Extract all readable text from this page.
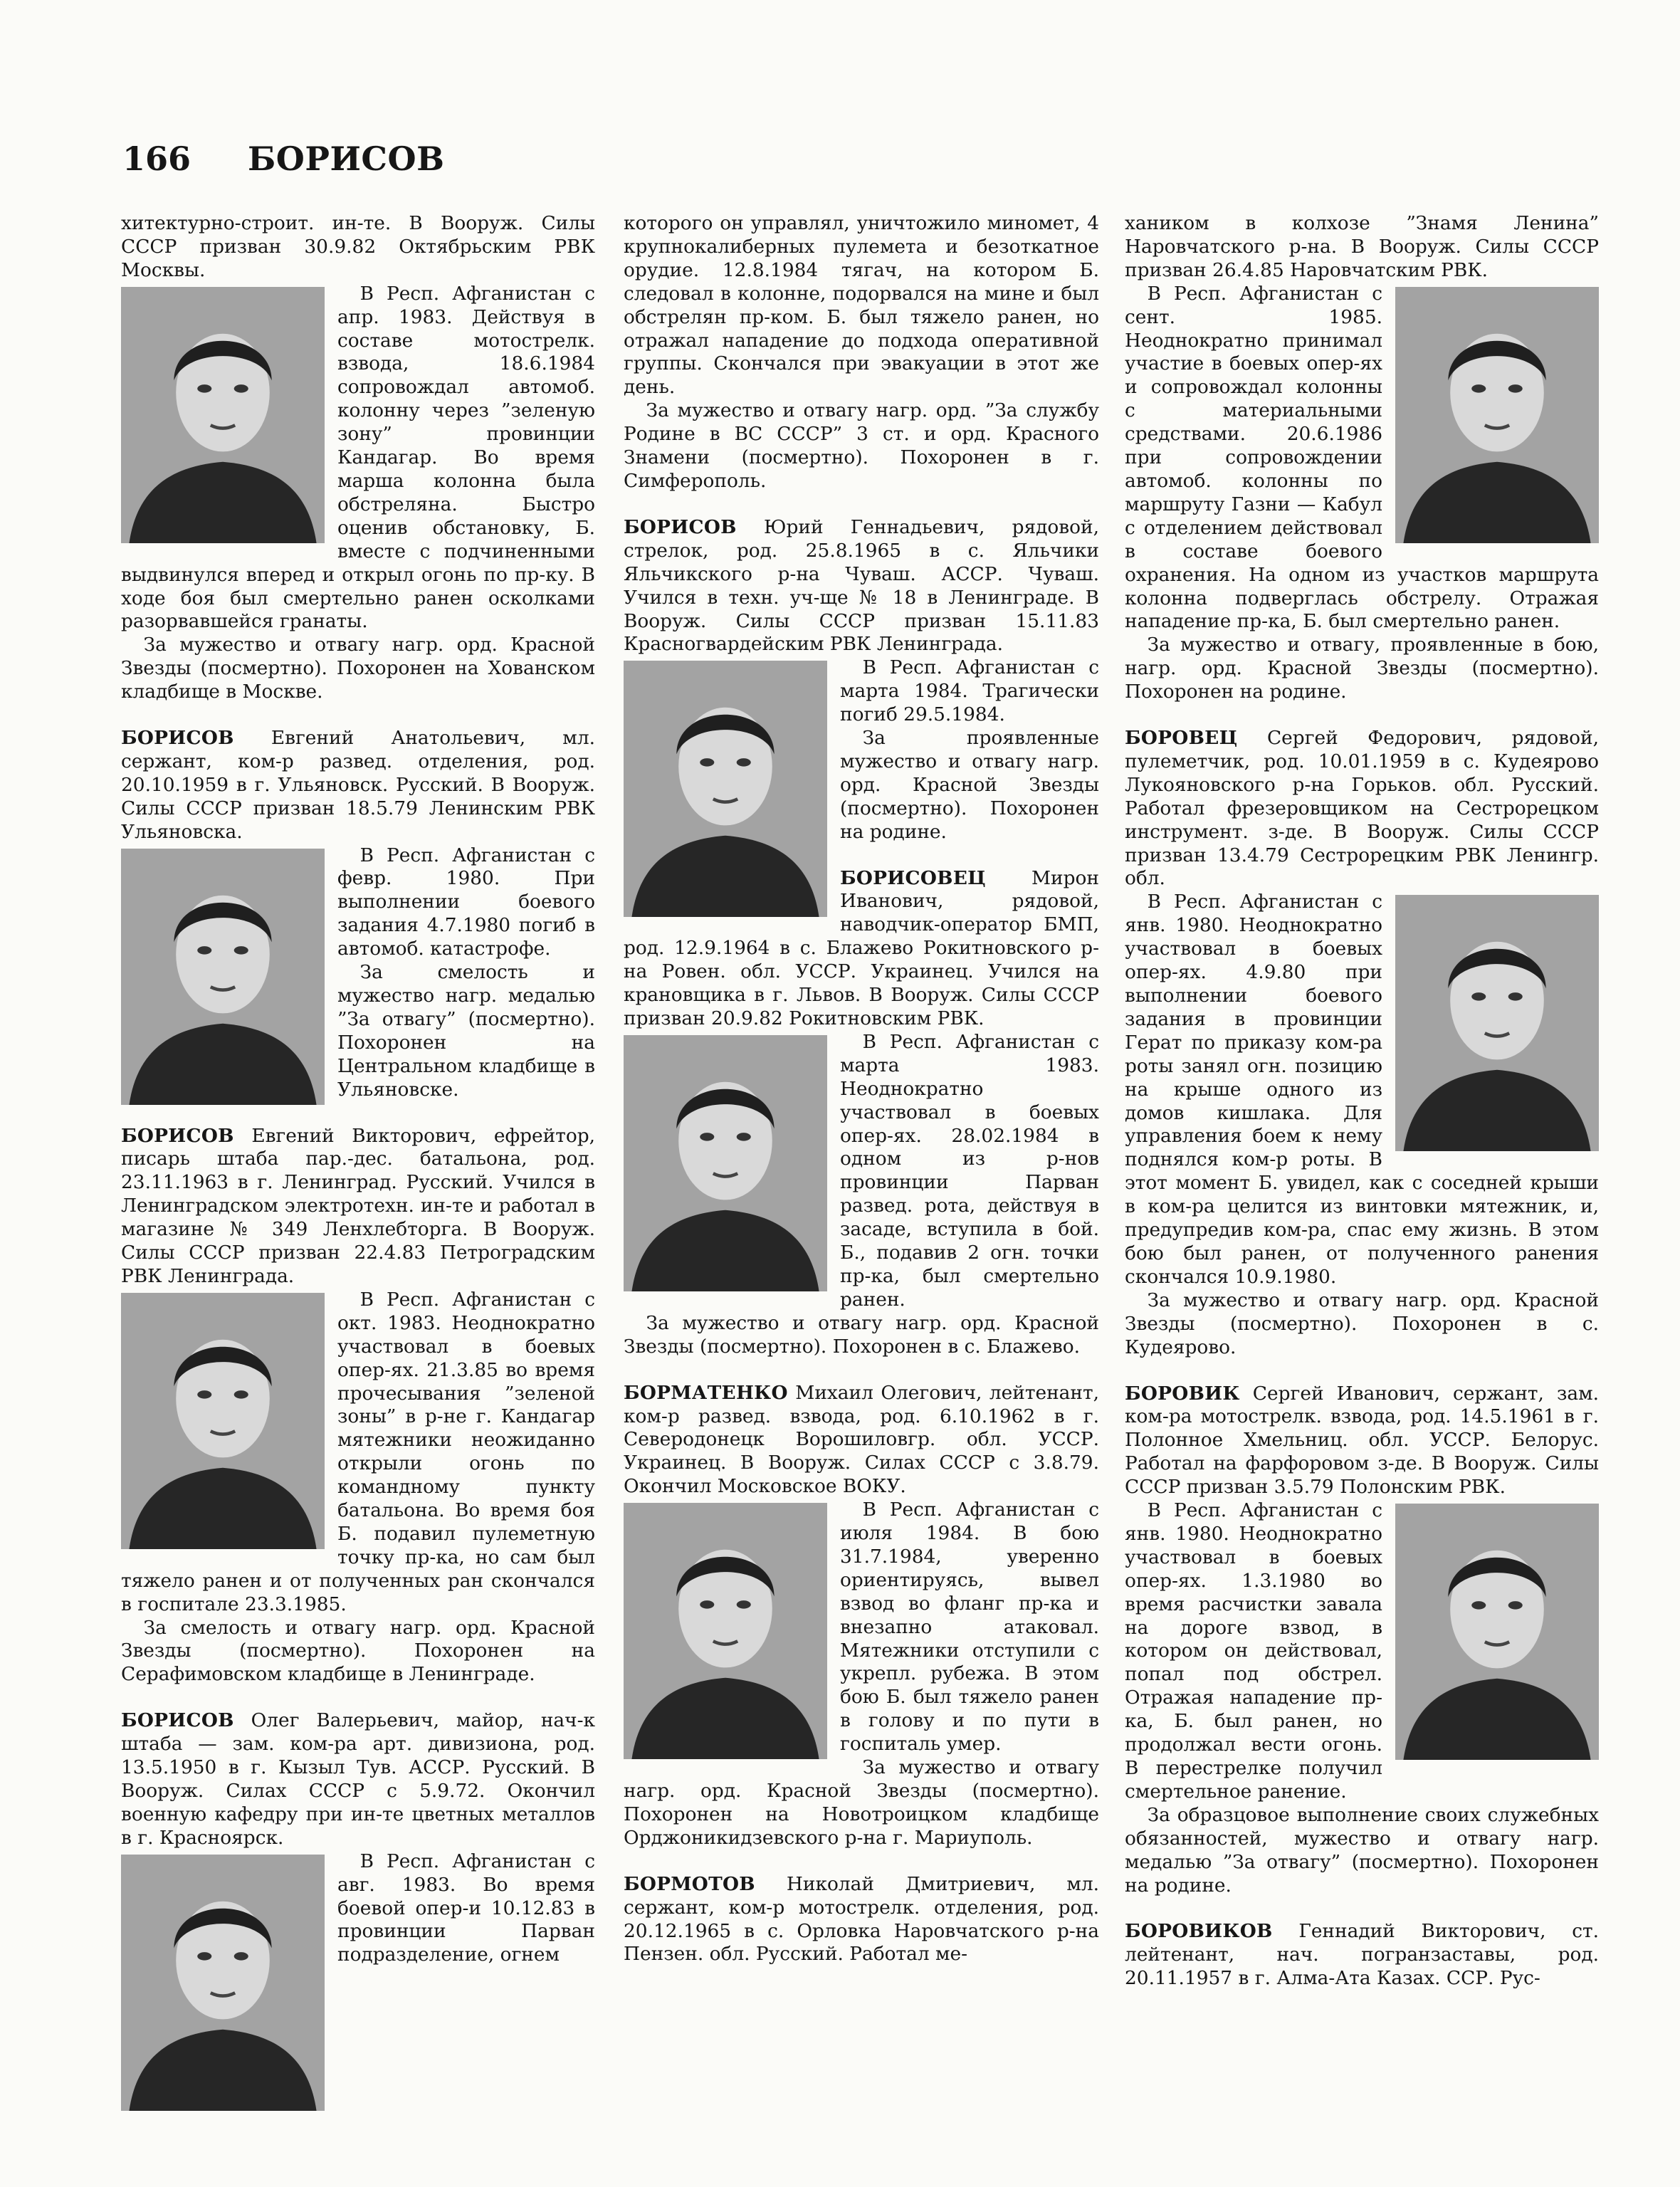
166 БОРИСОВ

хитектурно-строит. ин-те. В Вооруж. Силы СССР призван 30.9.82 Октябрьским РВК Москвы.

В Респ. Афганистан с апр. 1983. Действуя в составе мотострелк. взвода, 18.6.1984 сопровождал автомоб. колонну через ”зеленую зону” провинции Кандагар. Во время марша колонна была обстреляна. Быстро оценив обстановку, Б. вместе с подчиненными выдвинулся вперед и открыл огонь по пр-ку. В ходе боя был смертельно ранен осколками разорвавшейся гранаты.

За мужество и отвагу нагр. орд. Красной Звезды (посмертно). Похоронен на Хованском кладбище в Москве.

БОРИСОВ Евгений Анатольевич, мл. сержант, ком-р развед. отделения, род. 20.10.1959 в г. Ульяновск. Русский. В Вооруж. Силы СССР призван 18.5.79 Ленинским РВК Ульяновска.

В Респ. Афганистан с февр. 1980. При выполнении боевого задания 4.7.1980 погиб в автомоб. катастрофе.

За смелость и мужество нагр. медалью ”За отвагу” (посмертно). Похоронен на Центральном кладбище в Ульяновске.

БОРИСОВ Евгений Викторович, ефрейтор, писарь штаба пар.-дес. батальона, род. 23.11.1963 в г. Ленинград. Русский. Учился в Ленинградском электротехн. ин-те и работал в магазине № 349 Ленхлебторга. В Вооруж. Силы СССР призван 22.4.83 Петроградским РВК Ленинграда.

В Респ. Афганистан с окт. 1983. Неоднократно участвовал в боевых опер-ях. 21.3.85 во время прочесывания ”зеленой зоны” в р-не г. Кандагар мятежники неожиданно открыли огонь по командному пункту батальона. Во время боя Б. подавил пулеметную точку пр-ка, но сам был тяжело ранен и от полученных ран скончался в госпитале 23.3.1985.

За смелость и отвагу нагр. орд. Красной Звезды (посмертно). Похоронен на Серафимовском кладбище в Ленинграде.

БОРИСОВ Олег Валерьевич, майор, нач-к штаба — зам. ком-ра арт. дивизиона, род. 13.5.1950 в г. Кызыл Тув. АССР. Русский. В Вооруж. Силах СССР с 5.9.72. Окончил военную кафедру при ин-те цветных металлов в г. Красноярск.

В Респ. Афганистан с авг. 1983. Во время боевой опер-и 10.12.83 в провинции Парван подразделение, огнем

которого он управлял, уничтожило миномет, 4 крупнокалиберных пулемета и безоткатное орудие. 12.8.1984 тягач, на котором Б. следовал в колонне, подорвался на мине и был обстрелян пр-ком. Б. был тяжело ранен, но отражал нападение до подхода оперативной группы. Скончался при эвакуации в этот же день.

За мужество и отвагу нагр. орд. ”За службу Родине в ВС СССР” 3 ст. и орд. Красного Знамени (посмертно). Похоронен в г. Симферополь.

БОРИСОВ Юрий Геннадьевич, рядовой, стрелок, род. 25.8.1965 в с. Яльчики Яльчикского р-на Чуваш. АССР. Чуваш. Учился в техн. уч-ще № 18 в Ленинграде. В Вооруж. Силы СССР призван 15.11.83 Красногвардейским РВК Ленинграда.

В Респ. Афганистан с марта 1984. Трагически погиб 29.5.1984.

За проявленные мужество и отвагу нагр. орд. Красной Звезды (посмертно). Похоронен на родине.

БОРИСОВЕЦ Мирон Иванович, рядовой, наводчик-оператор БМП, род. 12.9.1964 в с. Блажево Рокитновского р-на Ровен. обл. УССР. Украинец. Учился на крановщика в г. Львов. В Вооруж. Силы СССР призван 20.9.82 Рокитновским РВК.

В Респ. Афганистан с марта 1983. Неоднократно участвовал в боевых опер-ях. 28.02.1984 в одном из р-нов провинции Парван развед. рота, действуя в засаде, вступила в бой. Б., подавив 2 огн. точки пр-ка, был смертельно ранен.

За мужество и отвагу нагр. орд. Красной Звезды (посмертно). Похоронен в с. Блажево.

БОРМАТЕНКО Михаил Олегович, лейтенант, ком-р развед. взвода, род. 6.10.1962 в г. Северодонецк Ворошиловгр. обл. УССР. Украинец. В Вооруж. Силах СССР с 3.8.79. Окончил Московское ВОКУ.

В Респ. Афганистан с июля 1984. В бою 31.7.1984, уверенно ориентируясь, вывел взвод во фланг пр-ка и внезапно атаковал. Мятежники отступили с укрепл. рубежа. В этом бою Б. был тяжело ранен в голову и по пути в госпиталь умер.

За мужество и отвагу нагр. орд. Красной Звезды (посмертно). Похоронен на Новотроицком кладбище Орджоникидзевского р-на г. Мариуполь.

БОРМОТОВ Николай Дмитриевич, мл. сержант, ком-р мотострелк. отделения, род. 20.12.1965 в с. Орловка Наровчатского р-на Пензен. обл. Русский. Работал ме-

хаником в колхозе ”Знамя Ленина” Наровчатского р-на. В Вооруж. Силы СССР призван 26.4.85 Наровчатским РВК.

В Респ. Афганистан с сент. 1985. Неоднократно принимал участие в боевых опер-ях и сопровождал колонны с материальными средствами. 20.6.1986 при сопровождении автомоб. колонны по маршруту Газни — Кабул с отделением действовал в составе боевого охранения. На одном из участков маршрута колонна подверглась обстрелу. Отражая нападение пр-ка, Б. был смертельно ранен.

За мужество и отвагу, проявленные в бою, нагр. орд. Красной Звезды (посмертно). Похоронен на родине.

БОРОВЕЦ Сергей Федорович, рядовой, пулеметчик, род. 10.01.1959 в с. Кудеярово Лукояновского р-на Горьков. обл. Русский. Работал фрезеровщиком на Сестрорецком инструмент. з-де. В Вооруж. Силы СССР призван 13.4.79 Сестрорецким РВК Ленингр. обл.

В Респ. Афганистан с янв. 1980. Неоднократно участвовал в боевых опер-ях. 4.9.80 при выполнении боевого задания в провинции Герат по приказу ком-ра роты занял огн. позицию на крыше одного из домов кишлака. Для управления боем к нему поднялся ком-р роты. В этот момент Б. увидел, как с соседней крыши в ком-ра целится из винтовки мятежник, и, предупредив ком-ра, спас ему жизнь. В этом бою был ранен, от полученного ранения скончался 10.9.1980.

За мужество и отвагу нагр. орд. Красной Звезды (посмертно). Похоронен в с. Кудеярово.

БОРОВИК Сергей Иванович, сержант, зам. ком-ра мотострелк. взвода, род. 14.5.1961 в г. Полонное Хмельниц. обл. УССР. Белорус. Работал на фарфоровом з-де. В Вооруж. Силы СССР призван 3.5.79 Полонским РВК.

В Респ. Афганистан с янв. 1980. Неоднократно участвовал в боевых опер-ях. 1.3.1980 во время расчистки завала на дороге взвод, в котором он действовал, попал под обстрел. Отражая нападение пр-ка, Б. был ранен, но продолжал вести огонь. В перестрелке получил смертельное ранение.

За образцовое выполнение своих служебных обязанностей, мужество и отвагу нагр. медалью ”За отвагу” (посмертно). Похоронен на родине.

БОРОВИКОВ Геннадий Викторович, ст. лейтенант, нач. погранзаставы, род. 20.11.1957 в г. Алма-Ата Казах. ССР. Рус-
